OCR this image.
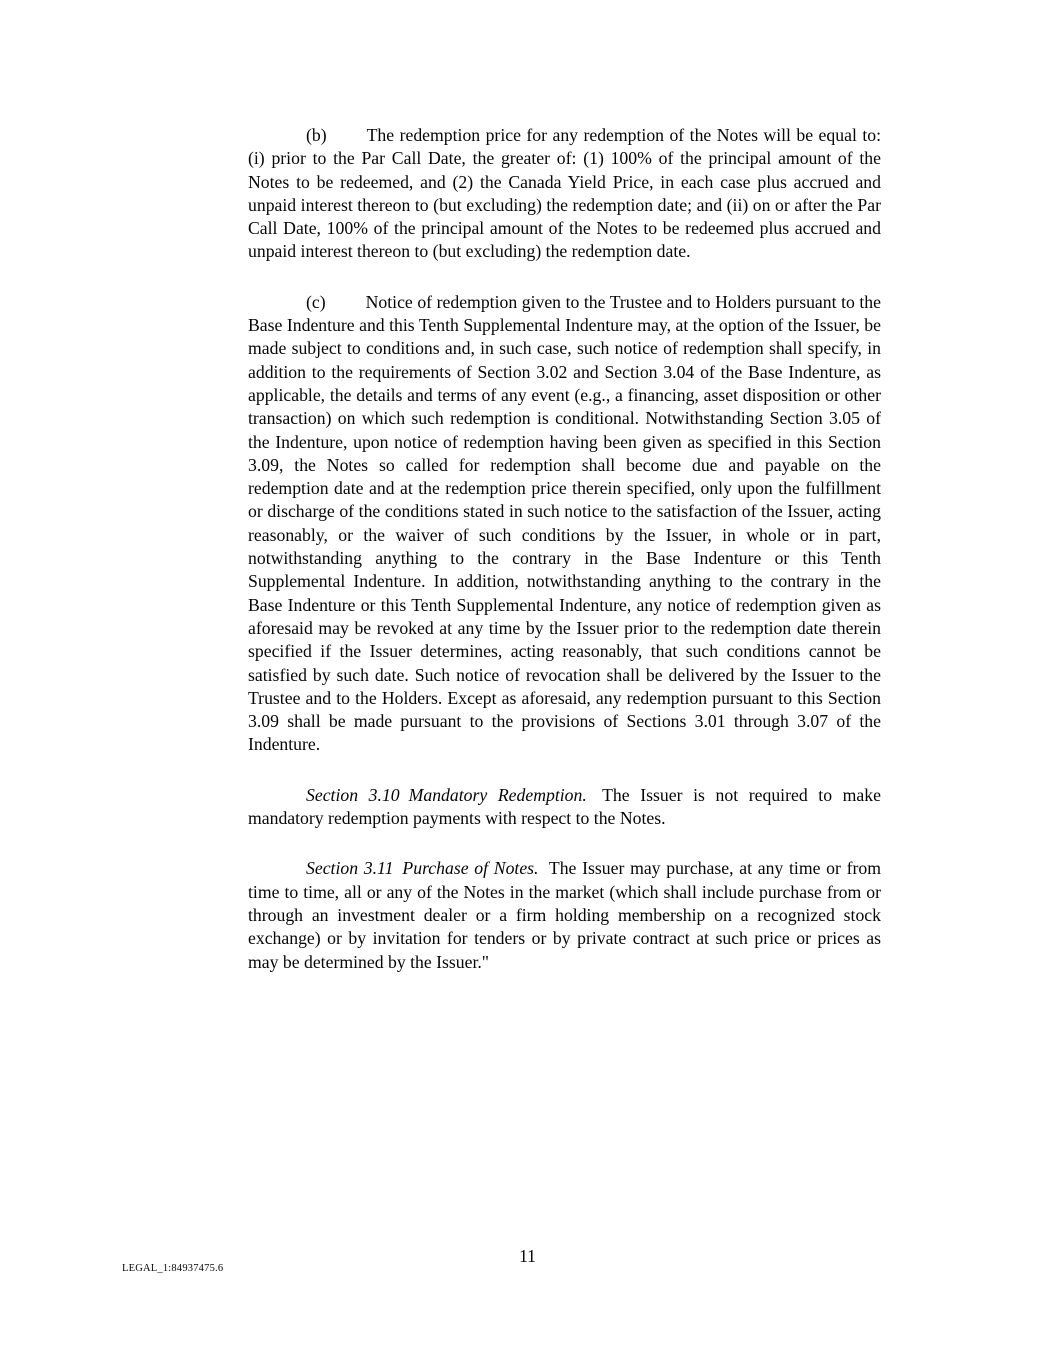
(b) The redemption price for any redemption of the Notes will be equal to: (i) prior to the Par Call Date, the greater of: (1) 100% of the principal amount of the Notes to be redeemed, and (2) the Canada Yield Price, in each case plus accrued and unpaid interest thereon to (but excluding) the redemption date; and (ii) on or after the Par Call Date, 100% of the principal amount of the Notes to be redeemed plus accrued and unpaid interest thereon to (but excluding) the redemption date.

(c) Notice of redemption given to the Trustee and to Holders pursuant to the Base Indenture and this Tenth Supplemental Indenture may, at the option of the Issuer, be made subject to conditions and, in such case, such notice of redemption shall specify, in addition to the requirements of Section 3.02 and Section 3.04 of the Base Indenture, as applicable, the details and terms of any event (e.g., a financing, asset disposition or other transaction) on which such redemption is conditional. Notwithstanding Section 3.05 of the Indenture, upon notice of redemption having been given as specified in this Section 3.09, the Notes so called for redemption shall become due and payable on the redemption date and at the redemption price therein specified, only upon the fulfillment or discharge of the conditions stated in such notice to the satisfaction of the Issuer, acting reasonably, or the waiver of such conditions by the Issuer, in whole or in part, notwithstanding anything to the contrary in the Base Indenture or this Tenth Supplemental Indenture. In addition, notwithstanding anything to the contrary in the Base Indenture or this Tenth Supplemental Indenture, any notice of redemption given as aforesaid may be revoked at any time by the Issuer prior to the redemption date therein specified if the Issuer determines, acting reasonably, that such conditions cannot be satisfied by such date. Such notice of revocation shall be delivered by the Issuer to the Trustee and to the Holders. Except as aforesaid, any redemption pursuant to this Section 3.09 shall be made pursuant to the provisions of Sections 3.01 through 3.07 of the Indenture.

Section 3.10 Mandatory Redemption. The Issuer is not required to make mandatory redemption payments with respect to the Notes.

Section 3.11 Purchase of Notes. The Issuer may purchase, at any time or from time to time, all or any of the Notes in the market (which shall include purchase from or through an investment dealer or a firm holding membership on a recognized stock exchange) or by invitation for tenders or by private contract at such price or prices as may be determined by the Issuer."

11
LEGAL_1:84937475.6
